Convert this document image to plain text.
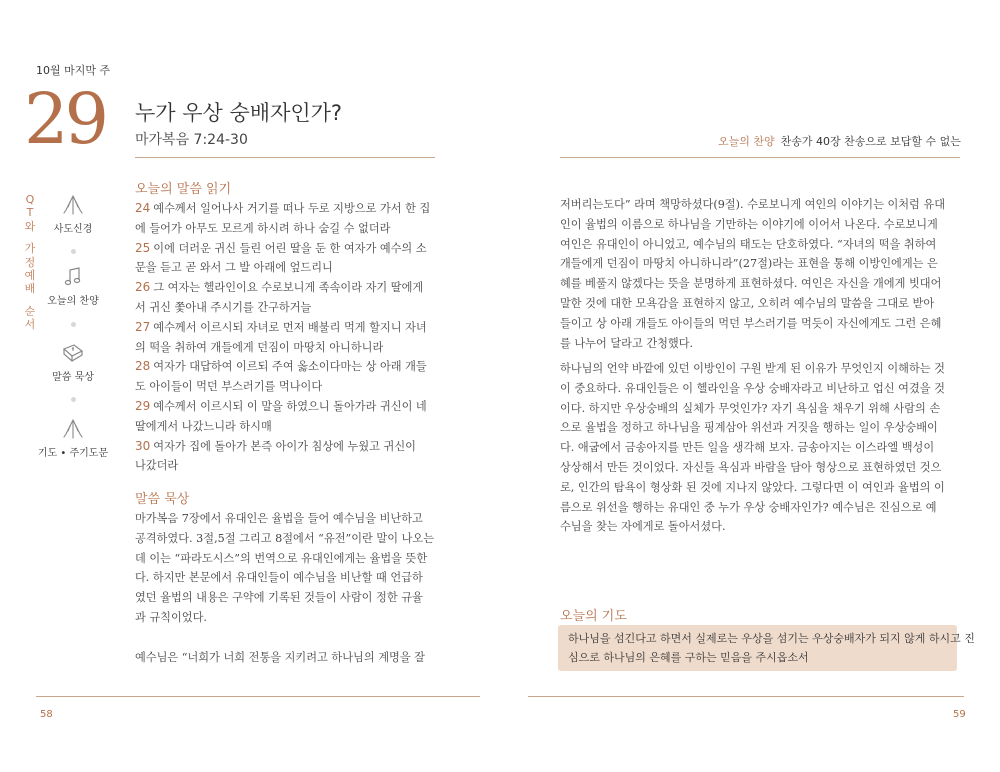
10월 마지막 주
29 누가 우상 숭배자인가?
마가복음 7:24-30	오늘의 찬양 찬송가 40장 찬송으로 보답할 수 없는
Q
T
와
가
정
예
배
순
서
사도신경
오늘의 찬양
말씀 묵상
기도 • 주기도문
오늘의 말씀 읽기
24 예수께서 일어나사 거기를 떠나 두로 지방으로 가서 한 집
에 들어가 아무도 모르게 하시려 하나 숨길 수 없더라
25 이에 더러운 귀신 들린 어린 딸을 둔 한 여자가 예수의 소
문을 듣고 곧 와서 그 발 아래에 엎드리니
26 그 여자는 헬라인이요 수로보니게 족속이라 자기 딸에게
서 귀신 쫓아내 주시기를 간구하거늘
27 예수께서 이르시되 자녀로 먼저 배불리 먹게 할지니 자녀
의 떡을 취하여 개들에게 던짐이 마땅치 아니하니라
28 여자가 대답하여 이르되 주여 옳소이다마는 상 아래 개들
도 아이들이 먹던 부스러기를 먹나이다
29 예수께서 이르시되 이 말을 하였으니 돌아가라 귀신이 네
딸에게서 나갔느니라 하시매
30 여자가 집에 돌아가 본즉 아이가 침상에 누웠고 귀신이
나갔더라
말씀 묵상
마가복음 7장에서 유대인은 율법을 들어 예수님을 비난하고
공격하였다. 3절,5절 그리고 8절에서 “유전”이란 말이 나오는
데 이는 “파라도시스”의 번역으로 유대인에게는 율법을 뜻한
다. 하지만 본문에서 유대인들이 예수님을 비난할 때 언급하
였던 율법의 내용은 구약에 기록된 것들이 사람이 정한 규율
과 규칙이었다.
예수님은 “너희가 너희 전통을 지키려고 하나님의 계명을 잘
저버리는도다” 라며 책망하셨다(9절). 수로보니게 여인의 이야기는 이처럼 유대
인이 율법의 이름으로 하나님을 기만하는 이야기에 이어서 나온다. 수로보니게
여인은 유대인이 아니었고, 예수님의 태도는 단호하였다. “자녀의 떡을 취하여
개들에게 던짐이 마땅치 아니하니라”(27절)라는 표현을 통해 이방인에게는 은
혜를 베풀지 않겠다는 뜻을 분명하게 표현하셨다. 여인은 자신을 개에게 빗대어
말한 것에 대한 모욕감을 표현하지 않고, 오히려 예수님의 말씀을 그대로 받아
들이고 상 아래 개들도 아이들의 먹던 부스러기를 먹듯이 자신에게도 그런 은혜
를 나누어 달라고 간청했다.
하나님의 언약 바깥에 있던 이방인이 구원 받게 된 이유가 무엇인지 이해하는 것
이 중요하다. 유대인들은 이 헬라인을 우상 숭배자라고 비난하고 업신 여겼을 것
이다. 하지만 우상숭배의 실체가 무엇인가? 자기 욕심을 채우기 위해 사람의 손
으로 율법을 정하고 하나님을 핑계삼아 위선과 거짓을 행하는 일이 우상숭배이
다. 애굽에서 금송아지를 만든 일을 생각해 보자. 금송아지는 이스라엘 백성이
상상해서 만든 것이었다. 자신들 욕심과 바람을 담아 형상으로 표현하였던 것으
로, 인간의 탐욕이 형상화 된 것에 지나지 않았다. 그렇다면 이 여인과 율법의 이
름으로 위선을 행하는 유대인 중 누가 우상 숭배자인가? 예수님은 진심으로 예
수님을 찾는 자에게로 돌아서셨다.
오늘의 기도
하나님을 섬긴다고 하면서 실제로는 우상을 섬기는 우상숭배자가 되지 않게 하시고 진
심으로 하나님의 은혜를 구하는 믿음을 주시옵소서
58	59
